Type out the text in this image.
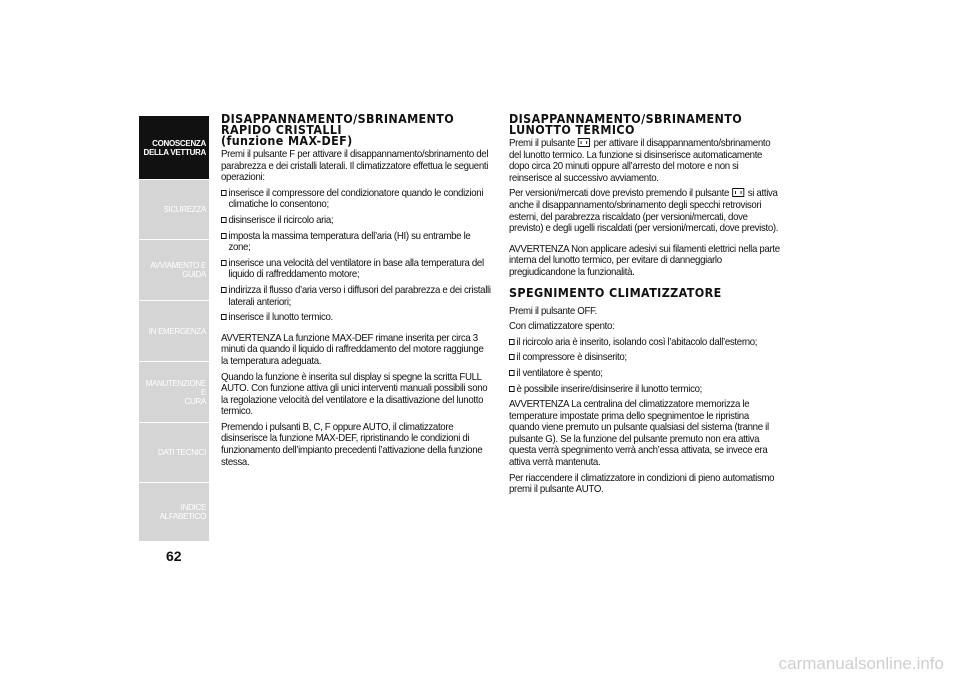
CONOSCENZA
DELLA VETTURA
SICUREZZA
AVVIAMENTO E
GUIDA
IN EMERGENZA
MANUTENZIONE E
CURA
DATI TECNICI
INDICE ALFABETICO
62
DISAPPANNAMENTO/SBRINAMENTO
RAPIDO CRISTALLI
(funzione MAX-DEF)

Premi il pulsante F per attivare il disappannamento/sbrinamento del parabrezza e dei cristalli laterali. Il climatizzatore effettua le seguenti operazioni:

inserisce il compressore del condizionatore quando le condizioni climatiche lo consentono;
disinserisce il ricircolo aria;
imposta la massima temperatura dell’aria (HI) su entrambe le zone;
inserisce una velocità del ventilatore in base alla temperatura del liquido di raffreddamento motore;
indirizza il flusso d’aria verso i diffusori del parabrezza e dei cristalli laterali anteriori;
inserisce il lunotto termico.

AVVERTENZA La funzione MAX-DEF rimane inserita per circa 3 minuti da quando il liquido di raffreddamento del motore raggiunge la temperatura adeguata.

Quando la funzione è inserita sul display si spegne la scritta FULL AUTO. Con funzione attiva gli unici interventi manuali possibili sono la regolazione velocità del ventilatore e la disattivazione del lunotto termico.

Premendo i pulsanti B, C, F oppure AUTO, il climatizzatore disinserisce la funzione MAX-DEF, ripristinando le condizioni di funzionamento dell’impianto precedenti l’attivazione della funzione stessa.

DISAPPANNAMENTO/SBRINAMENTO
LUNOTTO TERMICO

Premi il pulsante per attivare il disappannamento/sbrinamento del lunotto termico. La funzione si disinserisce automaticamente dopo circa 20 minuti oppure all’arresto del motore e non si reinserisce al successivo avviamento.

Per versioni/mercati dove previsto premendo il pulsante si attiva anche il disappannamento/sbrinamento degli specchi retrovisori esterni, del parabrezza riscaldato (per versioni/mercati, dove previsto) e degli ugelli riscaldati (per versioni/mercati, dove previsto).

AVVERTENZA Non applicare adesivi sui filamenti elettrici nella parte interna del lunotto termico, per evitare di danneggiarlo pregiudicandone la funzionalità.

SPEGNIMENTO CLIMATIZZATORE

Premi il pulsante OFF.

Con climatizzatore spento:

il ricircolo aria è inserito, isolando così l’abitacolo dall’esterno;
il compressore è disinserito;
il ventilatore è spento;
è possibile inserire/disinserire il lunotto termico;

AVVERTENZA La centralina del climatizzatore memorizza le temperature impostate prima dello spegnimentoe le ripristina quando viene premuto un pulsante qualsiasi del sistema (tranne il pulsante G). Se la funzione del pulsante premuto non era attiva questa verrà spegnimento verrà anch’essa attivata, se invece era attiva verrà mantenuta.

Per riaccendere il climatizzatore in condizioni di pieno automatismo premi il pulsante AUTO.

carmanualsonline.info
